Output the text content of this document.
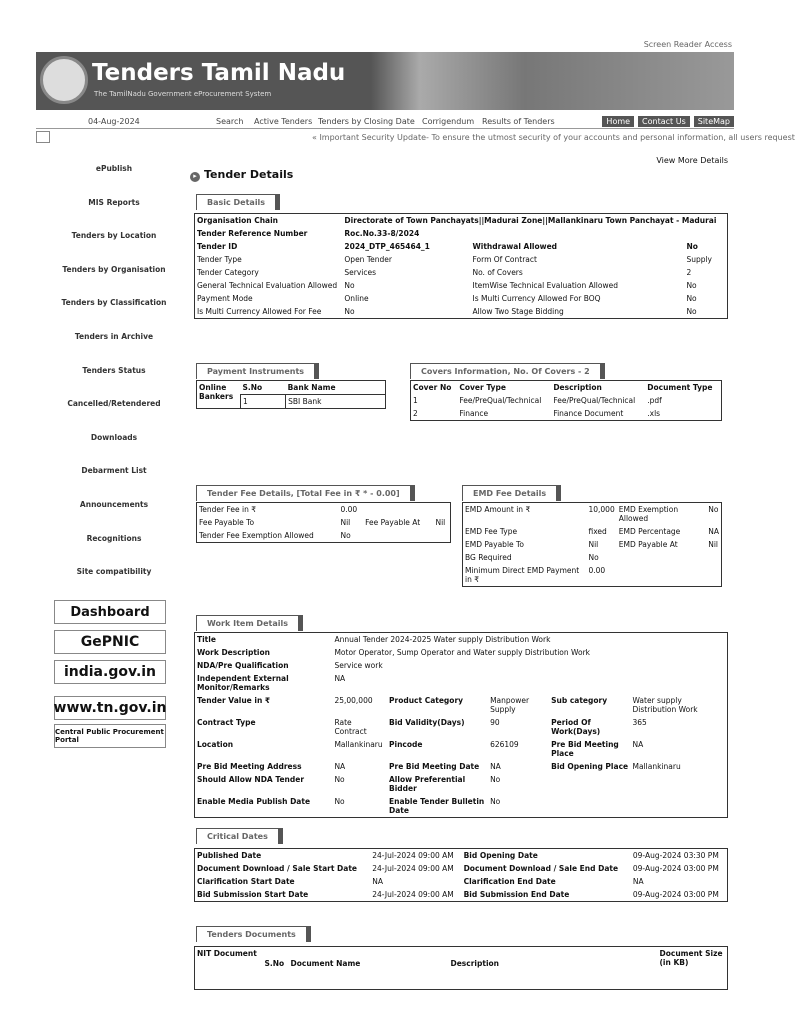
Screen Reader Access
Tenders Tamil Nadu
The TamilNadu Government eProcurement System
04-Aug-2024	Search Active Tenders Tenders by Closing Date Corrigendum Results of Tenders	Home	Contact Us	SiteMap
« Important Security Update- To ensure the utmost security of your accounts and personal information, all users request
ePublish
MIS Reports
Tenders by Location
Tenders by Organisation
Tenders by Classification
Tenders in Archive
Tenders Status
Cancelled/Retendered
Downloads
Debarment List
Announcements
Recognitions
Site compatibility
Dashboard
GePNIC
india.gov.in
www.tn.gov.in
Central Public Procurement Portal
View More Details
▸ Tender Details
Basic Details
Payment Instruments	Covers Information, No. Of Covers - 2
Tender Fee Details, [Total Fee in ₹ * - 0.00]	EMD Fee Details
Work Item Details
Critical Dates
Tenders Documents
Organisation Chain	Directorate of Town Panchayats||Madurai Zone||Mallankinaru Town Panchayat - Madurai		
Tender Reference Number	Roc.No.33-8/2024		
Tender ID	2024_DTP_465464_1	Withdrawal Allowed	No
Tender Type	Open Tender	Form Of Contract	Supply
Tender Category	Services	No. of Covers	2
General Technical Evaluation Allowed	No	ItemWise Technical Evaluation Allowed	No
Payment Mode	Online	Is Multi Currency Allowed For BOQ	No
Is Multi Currency Allowed For Fee	No	Allow Two Stage Bidding	No
Online Bankers	S.No	Bank Name
	1	SBI Bank
Cover No	Cover Type	Description	Document Type
1	Fee/PreQual/Technical	Fee/PreQual/Technical	.pdf
2	Finance	Finance Document	.xls
Tender Fee in ₹	0.00		
Fee Payable To	Nil	Fee Payable At	Nil
Tender Fee Exemption Allowed	No		
EMD Amount in ₹	10,000	EMD Exemption Allowed	No
EMD Fee Type	fixed	EMD Percentage	NA
EMD Payable To	Nil	EMD Payable At	Nil
BG Required	No		
Minimum Direct EMD Payment in ₹	0.00		
Title	Annual Tender 2024-2025 Water supply Distribution Work				
Work Description	Motor Operator, Sump Operator and Water supply Distribution Work				
NDA/Pre Qualification	Service work				
Independent External Monitor/Remarks	NA				
Tender Value in ₹	25,00,000	Product Category	Manpower Supply	Sub category	Water supply Distribution Work
Contract Type	Rate Contract	Bid Validity(Days)	90	Period Of Work(Days)	365
Location	Mallankinaru	Pincode	626109	Pre Bid Meeting Place	NA
Pre Bid Meeting Address	NA	Pre Bid Meeting Date	NA	Bid Opening Place	Mallankinaru
Should Allow NDA Tender	No	Allow Preferential Bidder	No		
Enable Media Publish Date	No	Enable Tender Bulletin Date	No		
Published Date	24-Jul-2024 09:00 AM	Bid Opening Date	09-Aug-2024 03:30 PM
Document Download / Sale Start Date	24-Jul-2024 09:00 AM	Document Download / Sale End Date	09-Aug-2024 03:00 PM
Clarification Start Date	NA	Clarification End Date	NA
Bid Submission Start Date	24-Jul-2024 09:00 AM	Bid Submission End Date	09-Aug-2024 03:00 PM
NIT Document	S.No	Document Name	Description	Document Size (in KB)
